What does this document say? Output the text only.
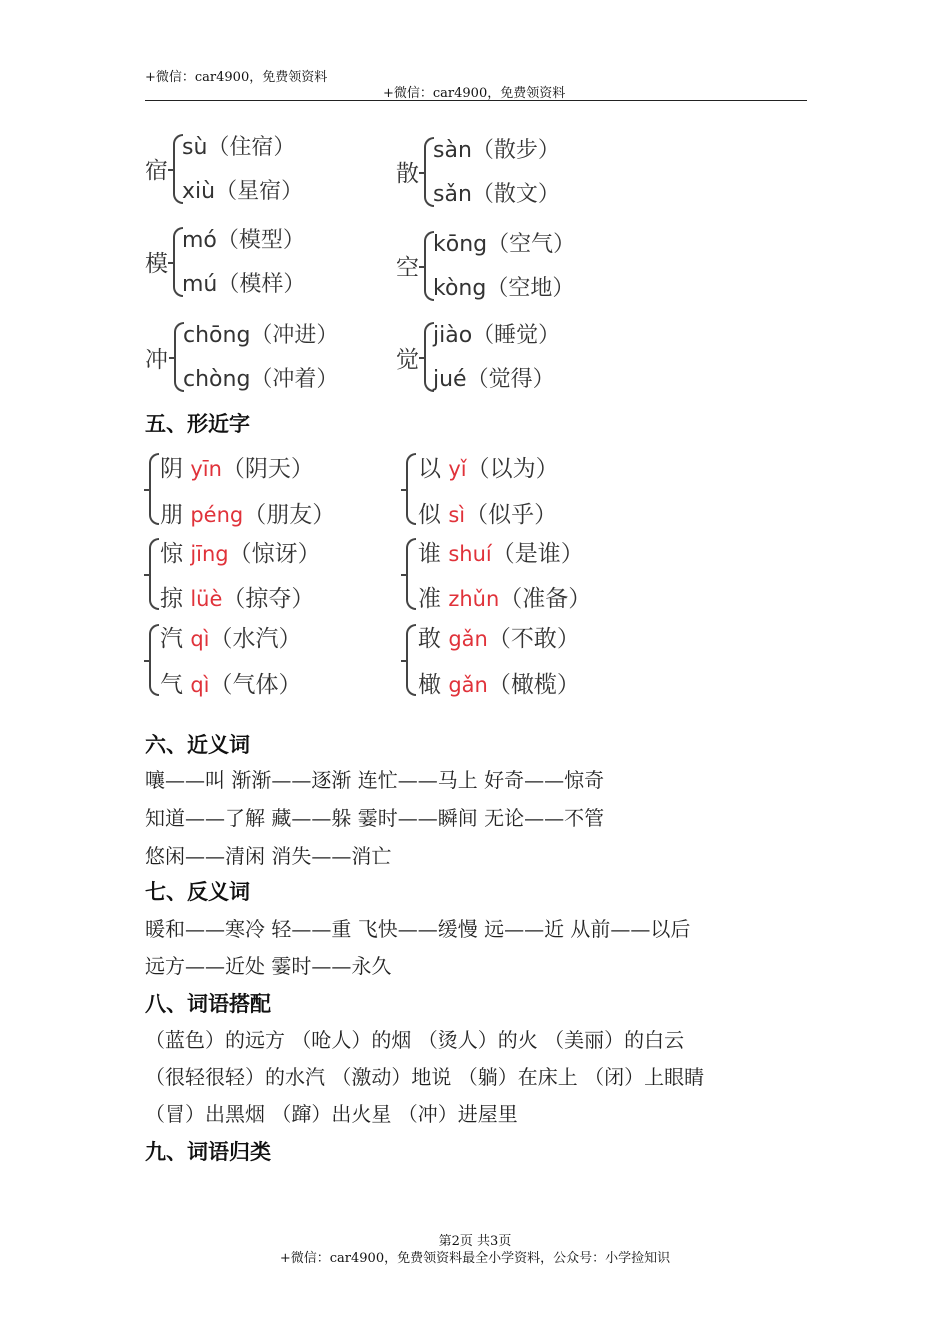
+微信：car4900，免费领资料
+微信：car4900，免费领资料
宿
sù（住宿）
xiù（星宿）
散
sàn（散步）
sǎn（散文）
模
mó（模型）
mú（模样）
空
kōng（空气）
kòng（空地）
冲
chōng（冲进）
chòng（冲着）
觉
jiào（睡觉）
jué（觉得）
五、形近字
阴 yīn（阴天）
朋 péng（朋友）
以 yǐ（以为）
似 sì（似乎）
惊 jīng（惊讶）
掠 lüè（掠夺）
谁 shuí（是谁）
准 zhǔn（准备）
汽 qì（水汽）
气 qì（气体）
敢 gǎn（不敢）
橄 gǎn（橄榄）
六、近义词
嚷——叫 渐渐——逐渐 连忙——马上 好奇——惊奇
知道——了解 藏——躲 霎时——瞬间 无论——不管
悠闲——清闲 消失——消亡
七、反义词
暖和——寒冷 轻——重 飞快——缓慢 远——近 从前——以后
远方——近处 霎时——永久
八、词语搭配
（蓝色）的远方 （呛人）的烟 （烫人）的火 （美丽）的白云
（很轻很轻）的水汽 （激动）地说 （躺）在床上 （闭）上眼睛
（冒）出黑烟 （蹿）出火星 （冲）进屋里
九、词语归类
第2页 共3页
+微信：car4900，免费领资料最全小学资料，公众号：小学捡知识
